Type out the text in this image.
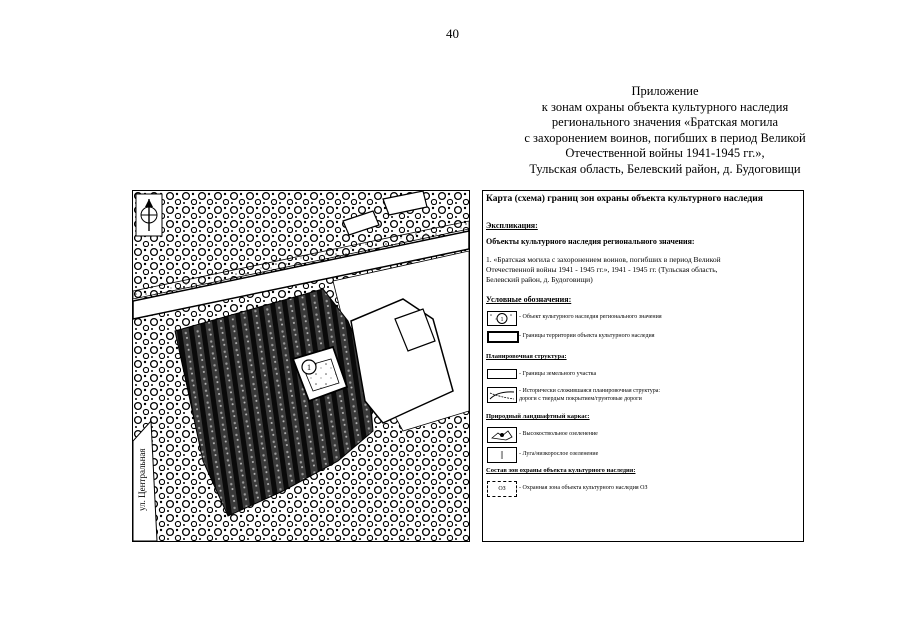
40
Приложение
к зонам охраны объекта культурного наследия
регионального значения «Братская могила
с захоронением воинов, погибших в период Великой
Отечественной войны 1941-1945 гг.»,
Тульская область, Белевский район, д. Будоговищи
1
ул. Центральная
Карта (схема) границ зон охраны объекта культурного наследия
Экспликация:
Объекты культурного наследия регионального значения:
1. «Братская могила с захоронением воинов, погибших в период Великой
Отечественной войны 1941 - 1945 гг.», 1941 - 1945 гг. (Тульская область,
Белевский район, д. Будоговищи)
Условные обозначения:
1	- Объект культурного наследия регионального значения
- Границы территории объекта культурного наследия
Планировочная структура:
- Границы земельного участка
- Исторически сложившаяся планировочная структура:
дороги с твердым покрытием/грунтовые дороги
Природный ландшафтный каркас:
- Высокоствольное озеленение
||	- Луга/низкорослое озеленение
Состав зон охраны объекта культурного наследия:
ОЗ	- Охранная зона объекта культурного наследия ОЗ
